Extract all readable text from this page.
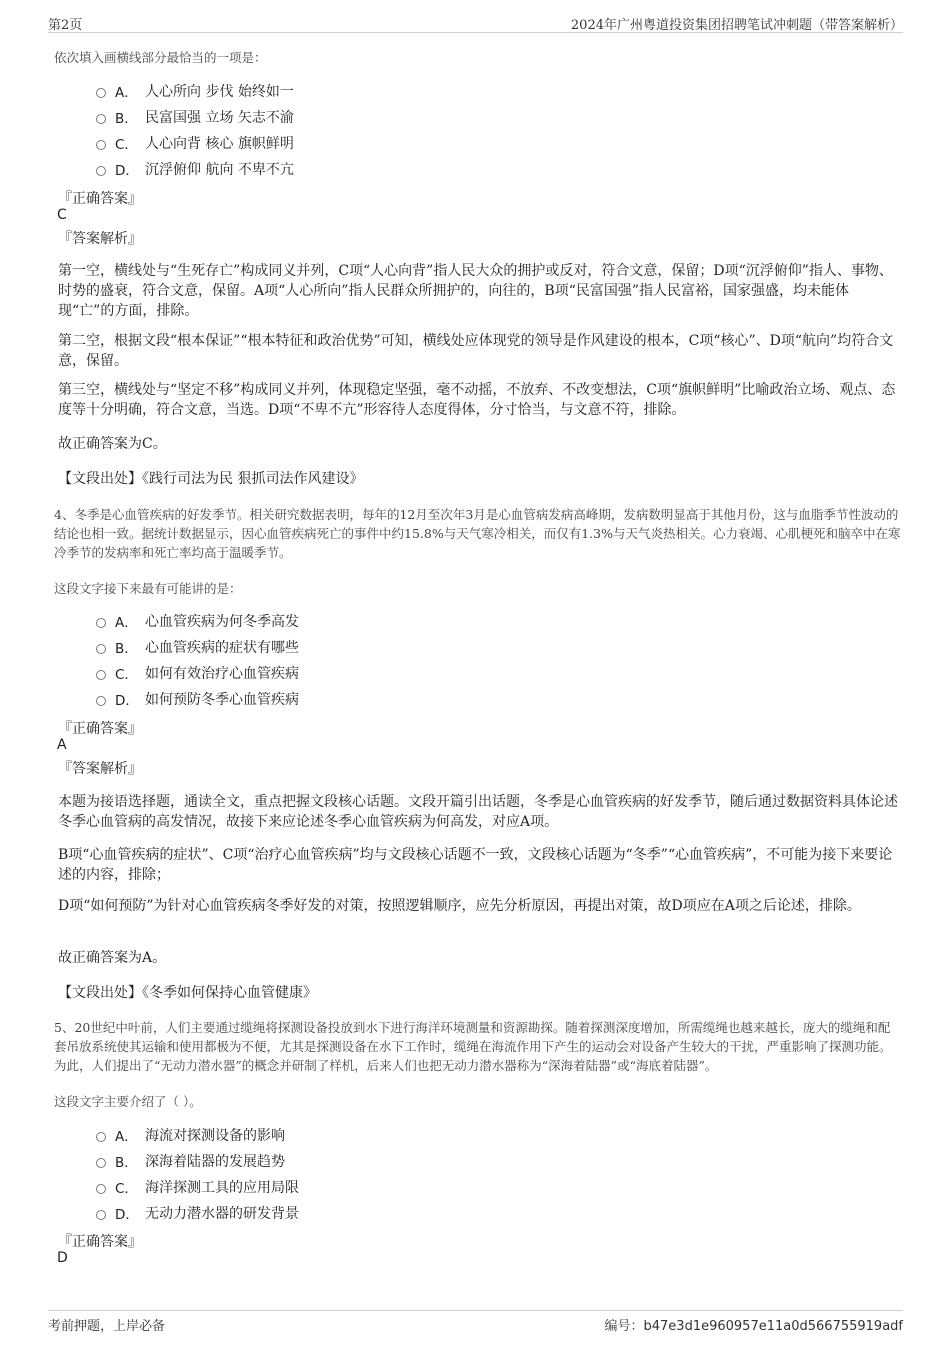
第2页	2024年广州粤道投资集团招聘笔试冲刺题（带答案解析）
依次填入画横线部分最恰当的一项是：
A． 人心所向 步伐 始终如一
B． 民富国强 立场 矢志不渝
C． 人心向背 核心 旗帜鲜明
D． 沉浮俯仰 航向 不卑不亢
『正确答案』
C
『答案解析』
第一空，横线处与“生死存亡”构成同义并列，C项“人心向背”指人民大众的拥护或反对，符合文意，保留；D项“沉浮俯仰”指人、事物、时势的盛衰，符合文意，保留。A项“人心所向”指人民群众所拥护的，向往的，B项“民富国强”指人民富裕，国家强盛，均未能体现“亡”的方面，排除。
第二空，根据文段“根本保证”“根本特征和政治优势”可知，横线处应体现党的领导是作风建设的根本，C项“核心”、D项“航向”均符合文意，保留。
第三空，横线处与“坚定不移”构成同义并列，体现稳定坚强，毫不动摇，不放弃、不改变想法，C项“旗帜鲜明”比喻政治立场、观点、态度等十分明确，符合文意，当选。D项“不卑不亢”形容待人态度得体，分寸恰当，与文意不符，排除。
故正确答案为C。
【文段出处】《践行司法为民 狠抓司法作风建设》
4、冬季是心血管疾病的好发季节。相关研究数据表明，每年的12月至次年3月是心血管病发病高峰期，发病数明显高于其他月份，这与血脂季节性波动的结论也相一致。据统计数据显示，因心血管疾病死亡的事件中约15.8%与天气寒冷相关，而仅有1.3%与天气炎热相关。心力衰竭、心肌梗死和脑卒中在寒冷季节的发病率和死亡率均高于温暖季节。
这段文字接下来最有可能讲的是：
A． 心血管疾病为何冬季高发
B． 心血管疾病的症状有哪些
C． 如何有效治疗心血管疾病
D． 如何预防冬季心血管疾病
『正确答案』
A
『答案解析』
本题为接语选择题，通读全文，重点把握文段核心话题。文段开篇引出话题，冬季是心血管疾病的好发季节，随后通过数据资料具体论述冬季心血管病的高发情况，故接下来应论述冬季心血管疾病为何高发，对应A项。
B项“心血管疾病的症状”、C项“治疗心血管疾病”均与文段核心话题不一致，文段核心话题为“冬季”“心血管疾病”，不可能为接下来要论述的内容，排除；
D项“如何预防”为针对心血管疾病冬季好发的对策，按照逻辑顺序，应先分析原因，再提出对策，故D项应在A项之后论述，排除。
故正确答案为A。
【文段出处】《冬季如何保持心血管健康》
5、20世纪中叶前，人们主要通过缆绳将探测设备投放到水下进行海洋环境测量和资源勘探。随着探测深度增加，所需缆绳也越来越长，庞大的缆绳和配套吊放系统使其运输和使用都极为不便，尤其是探测设备在水下工作时，缆绳在海流作用下产生的运动会对设备产生较大的干扰，严重影响了探测功能。为此，人们提出了“无动力潜水器”的概念并研制了样机，后来人们也把无动力潜水器称为“深海着陆器”或“海底着陆器”。
这段文字主要介绍了（ ）。
A． 海流对探测设备的影响
B． 深海着陆器的发展趋势
C． 海洋探测工具的应用局限
D． 无动力潜水器的研发背景
『正确答案』
D
考前押题，上岸必备	编号：b47e3d1e960957e11a0d566755919adf
